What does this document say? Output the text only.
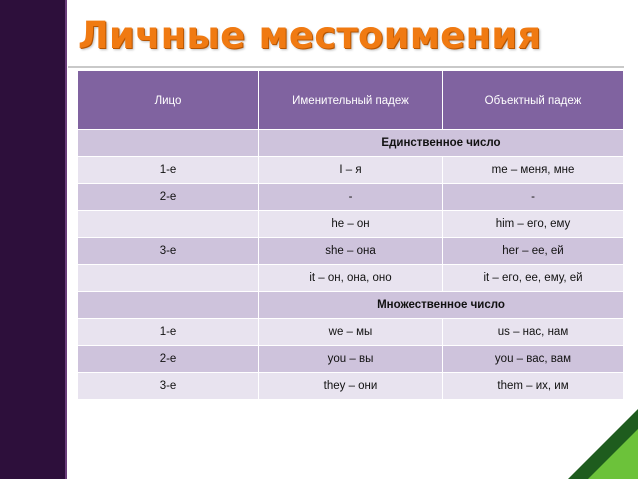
Личные местоимения
Лицо	Именительный падеж	Объектный падеж
	Единственное число	
1-е	I – я	me – меня, мне
2-е	-	-
	he – он	him – его, ему
3-е	she – она	her – ее, ей
	it – он, она, оно	it – его, ее, ему, ей
	Множественное число	
1-е	we – мы	us – нас, нам
2-е	you – вы	you – вас, вам
3-е	they – они	them – их, им
